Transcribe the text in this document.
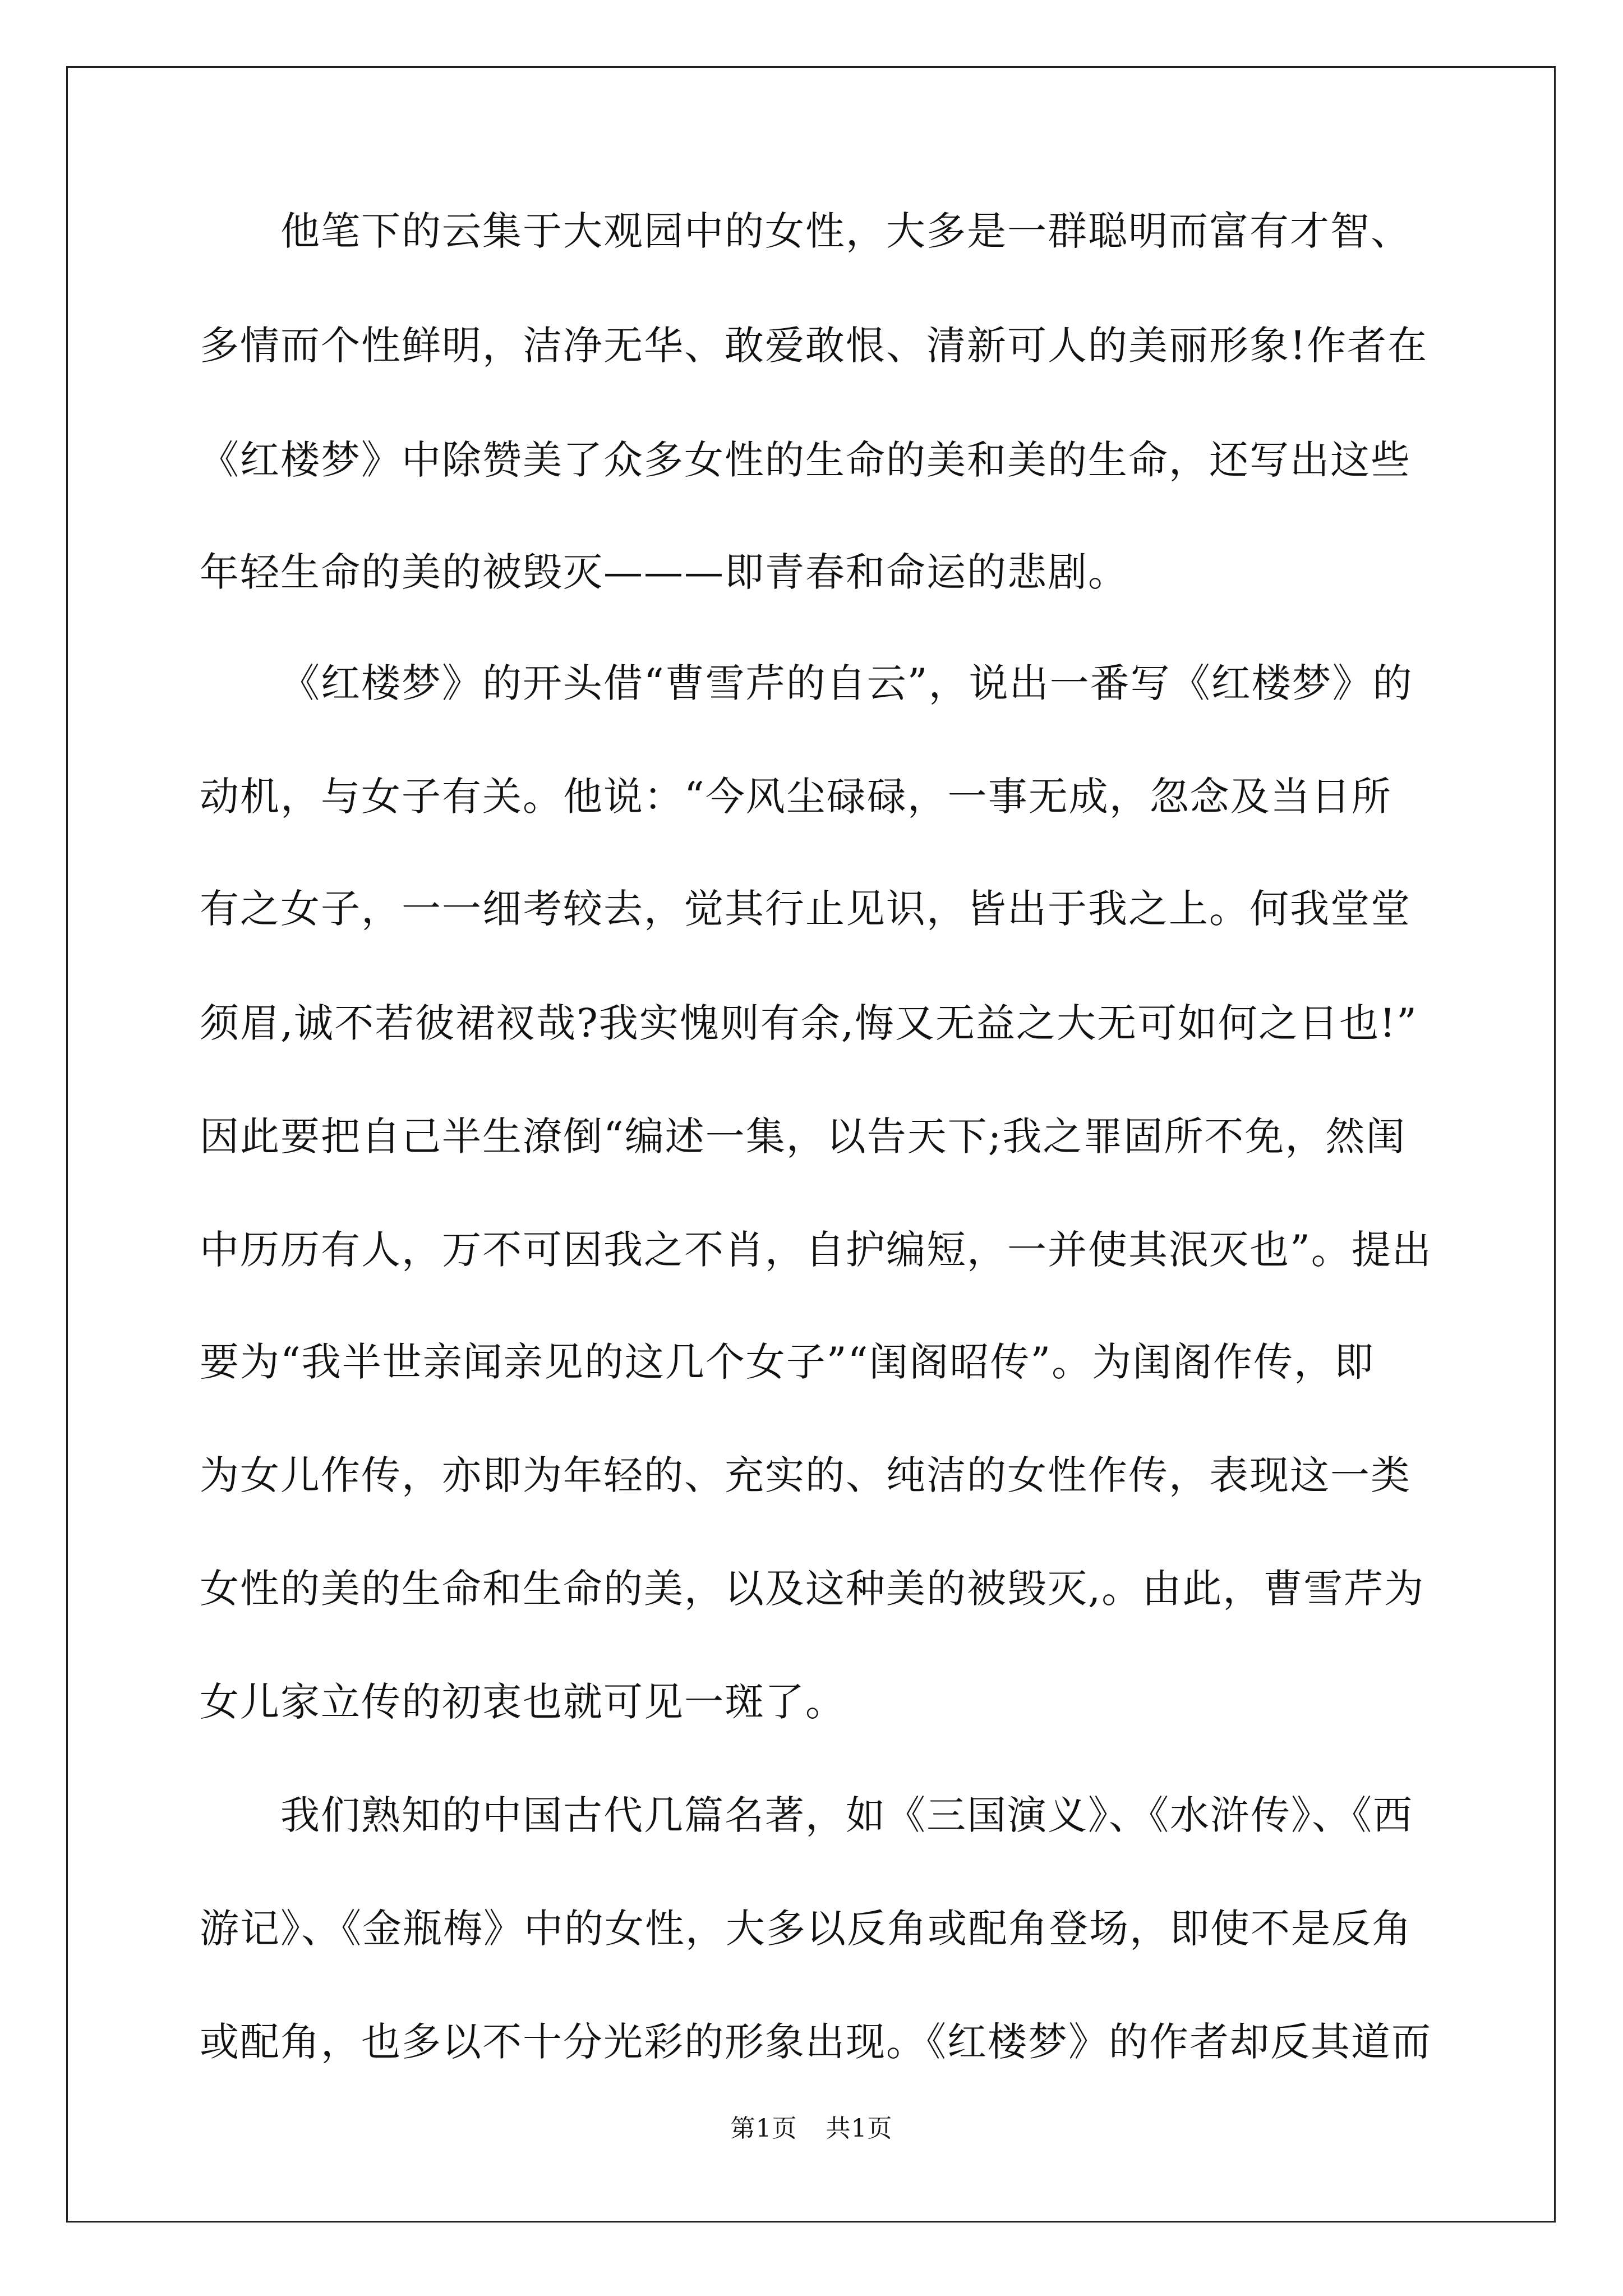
他笔下的云集于大观园中的女性，大多是一群聪明而富有才智、
多情而个性鲜明，洁净无华、敢爱敢恨、清新可人的美丽形象!作者在
《红楼梦》中除赞美了众多女性的生命的美和美的生命，还写出这些
年轻生命的美的被毁灭———即青春和命运的悲剧。
《红楼梦》的开头借“曹雪芹的自云”，说出一番写《红楼梦》的
动机，与女子有关。他说：“今风尘碌碌，一事无成，忽念及当日所
有之女子，一一细考较去，觉其行止见识，皆出于我之上。何我堂堂
须眉,诚不若彼裙衩哉?我实愧则有余,悔又无益之大无可如何之日也!”
因此要把自己半生潦倒“编述一集，以告天下;我之罪固所不免，然闺
中历历有人，万不可因我之不肖，自护编短，一并使其泯灭也”。提出
要为“我半世亲闻亲见的这几个女子”“闺阁昭传”。为闺阁作传，即
为女儿作传，亦即为年轻的、充实的、纯洁的女性作传，表现这一类
女性的美的生命和生命的美，以及这种美的被毁灭,。由此，曹雪芹为
女儿家立传的初衷也就可见一斑了。
我们熟知的中国古代几篇名著，如《三国演义》、《水浒传》、《西
游记》、《金瓶梅》中的女性，大多以反角或配角登场，即使不是反角
或配角，也多以不十分光彩的形象出现。《红楼梦》的作者却反其道而
第1页 共1页
